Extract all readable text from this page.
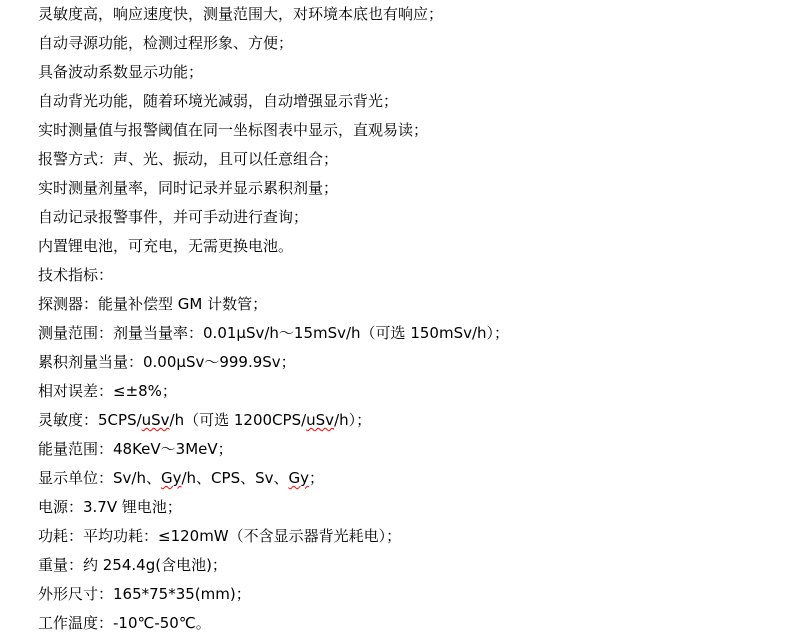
灵敏度高，响应速度快，测量范围大，对环境本底也有响应；
自动寻源功能，检测过程形象、方便；
具备波动系数显示功能；
自动背光功能，随着环境光减弱，自动增强显示背光；
实时测量值与报警阈值在同一坐标图表中显示，直观易读；
报警方式：声、光、振动，且可以任意组合；
实时测量剂量率，同时记录并显示累积剂量；
自动记录报警事件，并可手动进行查询；
内置锂电池，可充电，无需更换电池。
技术指标：
探测器：能量补偿型 GM 计数管；
测量范围：剂量当量率：0.01μSv/h～15mSv/h（可选 150mSv/h）；
累积剂量当量：0.00μSv～999.9Sv；
相对误差：≤±8%；
灵敏度：5CPS/uSv/h（可选 1200CPS/uSv/h）；
能量范围：48KeV～3MeV；
显示单位：Sv/h、Gy/h、CPS、Sv、Gy；
电源：3.7V 锂电池；
功耗：平均功耗：≤120mW（不含显示器背光耗电）；
重量：约 254.4g(含电池)；
外形尺寸：165*75*35(mm)；
工作温度：-10℃-50℃。
